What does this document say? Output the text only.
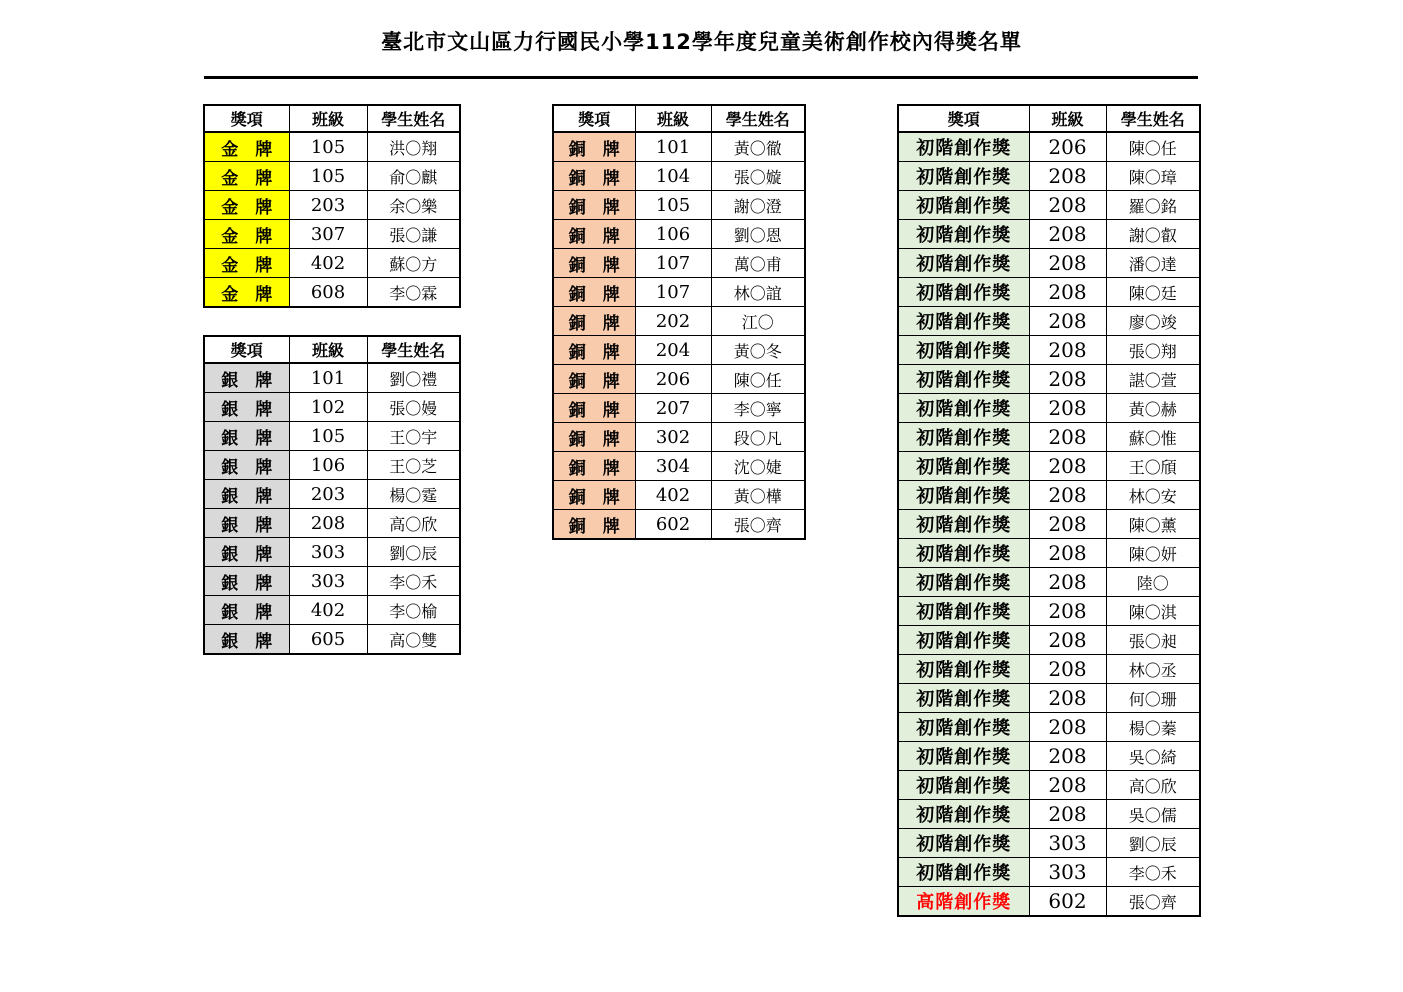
臺北市文山區力行國民小學112學年度兒童美術創作校內得獎名單
獎項	班級	學生姓名
金　牌	105	洪〇翔
金　牌	105	俞〇麒
金　牌	203	余〇樂
金　牌	307	張〇謙
金　牌	402	蘇〇方
金　牌	608	李〇霖
獎項	班級	學生姓名
銀　牌	101	劉〇禮
銀　牌	102	張〇嫚
銀　牌	105	王〇宇
銀　牌	106	王〇芝
銀　牌	203	楊〇霆
銀　牌	208	高〇欣
銀　牌	303	劉〇辰
銀　牌	303	李〇禾
銀　牌	402	李〇榆
銀　牌	605	高〇雙
獎項	班級	學生姓名
銅　牌	101	黃〇徹
銅　牌	104	張〇嫙
銅　牌	105	謝〇澄
銅　牌	106	劉〇恩
銅　牌	107	萬〇甫
銅　牌	107	林〇誼
銅　牌	202	江〇
銅　牌	204	黃〇冬
銅　牌	206	陳〇任
銅　牌	207	李〇寧
銅　牌	302	段〇凡
銅　牌	304	沈〇婕
銅　牌	402	黃〇樺
銅　牌	602	張〇齊
獎項	班級	學生姓名
初階創作獎	206	陳〇任
初階創作獎	208	陳〇璋
初階創作獎	208	羅〇銘
初階創作獎	208	謝〇叡
初階創作獎	208	潘〇達
初階創作獎	208	陳〇廷
初階創作獎	208	廖〇竣
初階創作獎	208	張〇翔
初階創作獎	208	諶〇萱
初階創作獎	208	黃〇赫
初階創作獎	208	蘇〇惟
初階創作獎	208	王〇頎
初階創作獎	208	林〇安
初階創作獎	208	陳〇薰
初階創作獎	208	陳〇妍
初階創作獎	208	陸〇
初階創作獎	208	陳〇淇
初階創作獎	208	張〇昶
初階創作獎	208	林〇丞
初階創作獎	208	何〇珊
初階創作獎	208	楊〇蓁
初階創作獎	208	吳〇綺
初階創作獎	208	高〇欣
初階創作獎	208	吳〇儒
初階創作獎	303	劉〇辰
初階創作獎	303	李〇禾
高階創作獎	602	張〇齊
